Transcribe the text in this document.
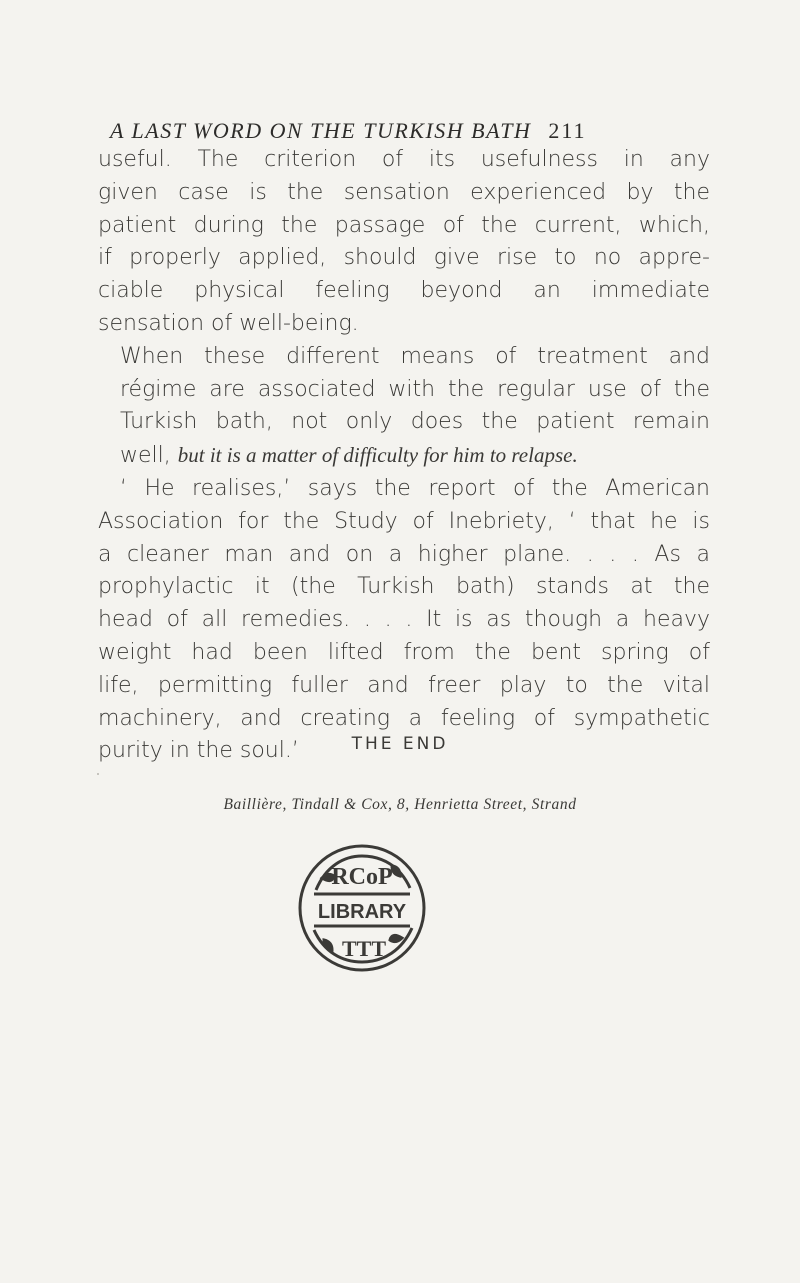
A LAST WORD ON THE TURKISH BATH 211

useful. The criterion of its usefulness in any
given case is the sensation experienced by the
patient during the passage of the current, which,
if properly applied, should give rise to no appre-
ciable physical feeling beyond an immediate
sensation of well-being.

When these different means of treatment and
régime are associated with the regular use of the
Turkish bath, not only does the patient remain
well, but it is a matter of difficulty for him to relapse.

‘ He realises,’ says the report of the American
Association for the Study of Inebriety, ‘ that he is
a cleaner man and on a higher plane. . . . As a
prophylactic it (the Turkish bath) stands at the
head of all remedies. . . . It is as though a heavy
weight had been lifted from the bent spring of
life, permitting fuller and freer play to the vital
machinery, and creating a feeling of sympathetic
purity in the soul.’	THE END
Baillière, Tindall & Cox, 8, Henrietta Street, Strand
RCoP
LIBRARY
TTT
